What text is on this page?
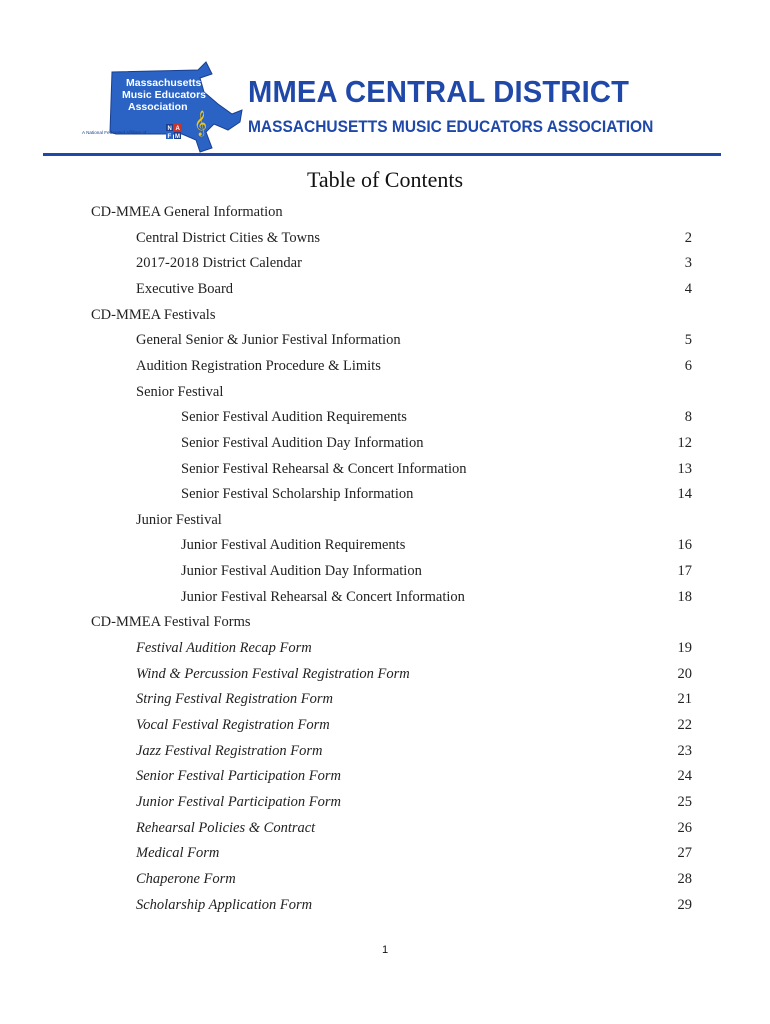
Massachusetts
Music Educators
Association
𝄞
A National Federated Affiliate of
N A
F M
MMEA CENTRAL DISTRICT
MASSACHUSETTS MUSIC EDUCATORS ASSOCIATION
Table of Contents
CD-MMEA General Information
Central District Cities & Towns	2
2017-2018 District Calendar	3
Executive Board	4
CD-MMEA Festivals
General Senior & Junior Festival Information	5
Audition Registration Procedure & Limits	6
Senior Festival
Senior Festival Audition Requirements	8
Senior Festival Audition Day Information	12
Senior Festival Rehearsal & Concert Information	13
Senior Festival Scholarship Information	14
Junior Festival
Junior Festival Audition Requirements	16
Junior Festival Audition Day Information	17
Junior Festival Rehearsal & Concert Information	18
CD-MMEA Festival Forms
Festival Audition Recap Form	19
Wind & Percussion Festival Registration Form	20
String Festival Registration Form	21
Vocal Festival Registration Form	22
Jazz Festival Registration Form	23
Senior Festival Participation Form	24
Junior Festival Participation Form	25
Rehearsal Policies & Contract	26
Medical Form	27
Chaperone Form	28
Scholarship Application Form	29
1
